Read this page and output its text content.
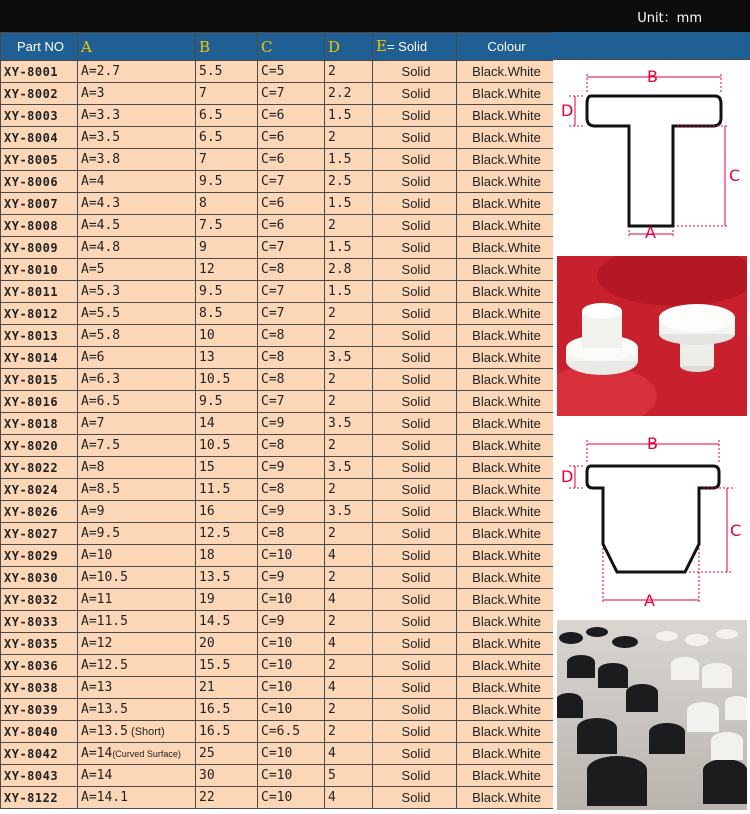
Unit：mm
Part NO	A	B	C	D	E= Solid	Colour
XY-8001	A=2.7	5.5	C=5	2	Solid	Black.White
XY-8002	A=3	7	C=7	2.2	Solid	Black.White
XY-8003	A=3.3	6.5	C=6	1.5	Solid	Black.White
XY-8004	A=3.5	6.5	C=6	2	Solid	Black.White
XY-8005	A=3.8	7	C=6	1.5	Solid	Black.White
XY-8006	A=4	9.5	C=7	2.5	Solid	Black.White
XY-8007	A=4.3	8	C=6	1.5	Solid	Black.White
XY-8008	A=4.5	7.5	C=6	2	Solid	Black.White
XY-8009	A=4.8	9	C=7	1.5	Solid	Black.White
XY-8010	A=5	12	C=8	2.8	Solid	Black.White
XY-8011	A=5.3	9.5	C=7	1.5	Solid	Black.White
XY-8012	A=5.5	8.5	C=7	2	Solid	Black.White
XY-8013	A=5.8	10	C=8	2	Solid	Black.White
XY-8014	A=6	13	C=8	3.5	Solid	Black.White
XY-8015	A=6.3	10.5	C=8	2	Solid	Black.White
XY-8016	A=6.5	9.5	C=7	2	Solid	Black.White
XY-8018	A=7	14	C=9	3.5	Solid	Black.White
XY-8020	A=7.5	10.5	C=8	2	Solid	Black.White
XY-8022	A=8	15	C=9	3.5	Solid	Black.White
XY-8024	A=8.5	11.5	C=8	2	Solid	Black.White
XY-8026	A=9	16	C=9	3.5	Solid	Black.White
XY-8027	A=9.5	12.5	C=8	2	Solid	Black.White
XY-8029	A=10	18	C=10	4	Solid	Black.White
XY-8030	A=10.5	13.5	C=9	2	Solid	Black.White
XY-8032	A=11	19	C=10	4	Solid	Black.White
XY-8033	A=11.5	14.5	C=9	2	Solid	Black.White
XY-8035	A=12	20	C=10	4	Solid	Black.White
XY-8036	A=12.5	15.5	C=10	2	Solid	Black.White
XY-8038	A=13	21	C=10	4	Solid	Black.White
XY-8039	A=13.5	16.5	C=10	2	Solid	Black.White
XY-8040	A=13.5 (Short)	16.5	C=6.5	2	Solid	Black.White
XY-8042	A=14(Curved Surface)	25	C=10	4	Solid	Black.White
XY-8043	A=14	30	C=10	5	Solid	Black.White
XY-8122	A=14.1	22	C=10	4	Solid	Black.White
B
D
C
A
B
D
C
A
